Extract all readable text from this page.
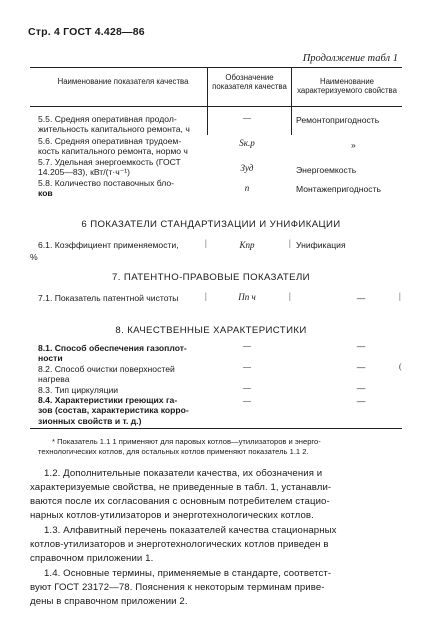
Стр. 4 ГОСТ 4.428—86
Продолжение табл 1
Наименование показателя качества	Обозначение показателя качества
Наименование характеризуемого свойства
5.5. Средняя оперативная продол-
жительность капитального ремонта, ч
—	Ремонтопригодность
5.6. Средняя оперативная трудоем-
кость капитального ремонта, нормо ч
Sк.р	»
5.7. Удельная энергоемкость (ГОСТ
14.205—83), кВт/(т·ч⁻¹)	Зуд	Энергоемкость
5.8. Количество поставочных бло-
ков
n	Монтажепригодность
6 ПОКАЗАТЕЛИ СТАНДАРТИЗАЦИИ И УНИФИКАЦИИ
6.1. Коэффициент применяемости,
%
|	Кпр	| Унификация
7. ПАТЕНТНО-ПРАВОВЫЕ ПОКАЗАТЕЛИ
7.1. Показатель патентной чистоты	|	Пп ч	|	—	|
8. КАЧЕСТВЕННЫЕ ХАРАКТЕРИСТИКИ
8.1. Способ обеспечения газоплот-
ности
—	—
8.2. Способ очистки поверхностей
нагрева
—	—	(
8.3. Тип циркуляции	—	—
8.4. Характеристики греющих га-
зов (состав, характеристика корро-
зионных свойств и т. д.)
—	—
* Показатель 1.1 1 применяют для паровых котлов—утилизаторов и энерго-
технологических котлов, для остальных котлов применяют показатель 1.1 2.
1.2. Дополнительные показатели качества, их обозначения и
характеризуемые свойства, не приведенные в табл. 1, устанавли-
ваются после их согласования с основным потребителем стацио-
нарных котлов-утилизаторов и энерготехнологических котлов.
1.3. Алфавитный перечень показателей качества стационарных
котлов-утилизаторов и энерготехнологических котлов приведен в
справочном приложении 1.
1.4. Основные термины, применяемые в стандарте, соответст-
вуют ГОСТ 23172—78. Пояснения к некоторым терминам приве-
дены в справочном приложении 2.
